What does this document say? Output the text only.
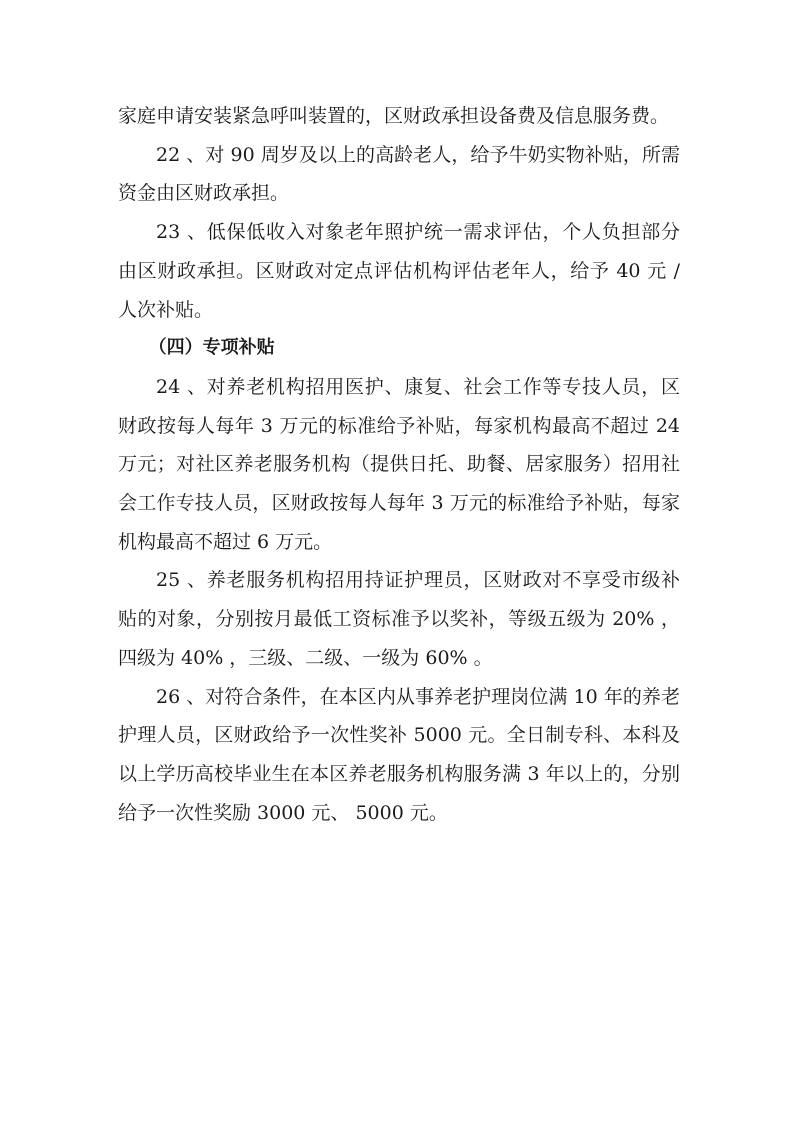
家庭申请安装紧急呼叫装置的，区财政承担设备费及信息服务费。

22 、对 90 周岁及以上的高龄老人，给予牛奶实物补贴，所需资金由区财政承担。

23 、低保低收入对象老年照护统一需求评估，个人负担部分由区财政承担。区财政对定点评估机构评估老年人，给予 40 元 / 人次补贴。

（四）专项补贴

24 、对养老机构招用医护、康复、社会工作等专技人员，区财政按每人每年 3 万元的标准给予补贴，每家机构最高不超过 24 万元；对社区养老服务机构（提供日托、助餐、居家服务）招用社会工作专技人员，区财政按每人每年 3 万元的标准给予补贴，每家机构最高不超过 6 万元。

25 、养老服务机构招用持证护理员，区财政对不享受市级补贴的对象，分别按月最低工资标准予以奖补，等级五级为 20% ，四级为 40% ，三级、二级、一级为 60% 。

26 、对符合条件，在本区内从事养老护理岗位满 10 年的养老护理人员，区财政给予一次性奖补 5000 元。全日制专科、本科及以上学历高校毕业生在本区养老服务机构服务满 3 年以上的，分别给予一次性奖励 3000 元、 5000 元。
